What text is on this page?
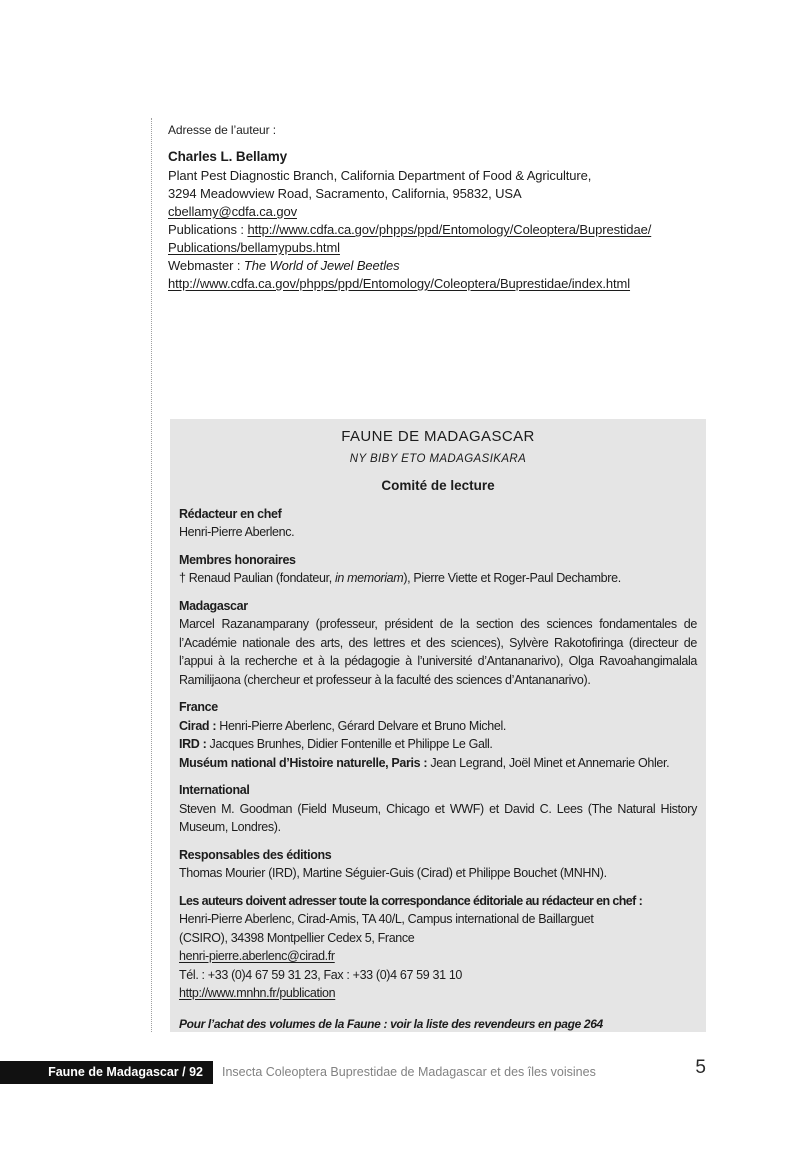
Adresse de l’auteur :
Charles L. Bellamy
Plant Pest Diagnostic Branch, California Department of Food & Agriculture,
3294 Meadowview Road, Sacramento, California, 95832, USA
cbellamy@cdfa.ca.gov
Publications : http://www.cdfa.ca.gov/phpps/ppd/Entomology/Coleoptera/Buprestidae/
Publications/bellamypubs.html
Webmaster : The World of Jewel Beetles
http://www.cdfa.ca.gov/phpps/ppd/Entomology/Coleoptera/Buprestidae/index.html
FAUNE DE MADAGASCAR
NY BIBY ETO MADAGASIKARA
Comité de lecture
Rédacteur en chef
Henri-Pierre Aberlenc.
Membres honoraires
† Renaud Paulian (fondateur, in memoriam), Pierre Viette et Roger-Paul Dechambre.
Madagascar
Marcel Razanamparany (professeur, président de la section des sciences fondamentales de l’Académie nationale des arts, des lettres et des sciences), Sylvère Rakotofiringa (directeur de l’appui à la recherche et à la pédagogie à l’université d’Antananarivo), Olga Ravoahangimalala Ramilijaona (chercheur et professeur à la faculté des sciences d’Antananarivo).
France
Cirad : Henri-Pierre Aberlenc, Gérard Delvare et Bruno Michel.
IRD : Jacques Brunhes, Didier Fontenille et Philippe Le Gall.
Muséum national d’Histoire naturelle, Paris : Jean Legrand, Joël Minet et Annemarie Ohler.
International
Steven M. Goodman (Field Museum, Chicago et WWF) et David C. Lees (The Natural History Museum, Londres).
Responsables des éditions
Thomas Mourier (IRD), Martine Séguier-Guis (Cirad) et Philippe Bouchet (MNHN).
Les auteurs doivent adresser toute la correspondance éditoriale au rédacteur en chef :
Henri-Pierre Aberlenc, Cirad-Amis, TA 40/L, Campus international de Baillarguet
(CSIRO), 34398 Montpellier Cedex 5, France
henri-pierre.aberlenc@cirad.fr
Tél. : +33 (0)4 67 59 31 23, Fax : +33 (0)4 67 59 31 10
http://www.mnhn.fr/publication
Pour l’achat des volumes de la Faune : voir la liste des revendeurs en page 264
Faune de Madagascar / 92	Insecta Coleoptera Buprestidae de Madagascar et des îles voisines	5
